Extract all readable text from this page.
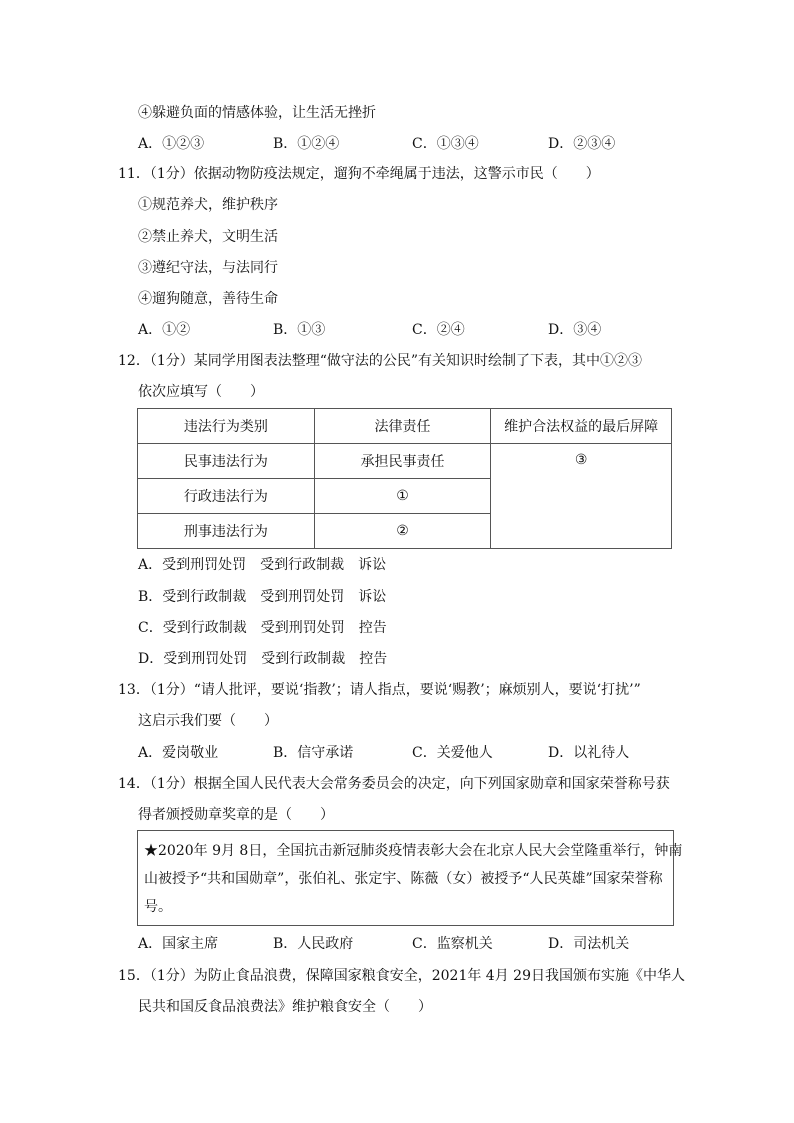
④躲避负面的情感体验，让生活无挫折
A．①②③	B．①②④	C．①③④	D．②③④
11．（1分）依据动物防疫法规定，遛狗不牵绳属于违法，这警示市民（　　）
①规范养犬，维护秩序
②禁止养犬，文明生活
③遵纪守法，与法同行
④遛狗随意，善待生命
A．①②	B．①③	C．②④	D．③④
12．（1分）某同学用图表法整理“做守法的公民”有关知识时绘制了下表，其中①②③
依次应填写（　　）
违法行为类别	法律责任	维护合法权益的最后屏障
民事违法行为	承担民事责任	③
行政违法行为	①	
刑事违法行为	②	
A．受到刑罚处罚　受到行政制裁　诉讼
B．受到行政制裁　受到刑罚处罚　诉讼
C．受到行政制裁　受到刑罚处罚　控告
D．受到刑罚处罚　受到行政制裁　控告
13．（1分）“请人批评，要说‘指教’；请人指点，要说‘赐教’；麻烦别人，要说‘打扰’”
这启示我们要（　　）
A．爱岗敬业	B．信守承诺	C．关爱他人	D．以礼待人
14．（1分）根据全国人民代表大会常务委员会的决定，向下列国家勋章和国家荣誉称号获
得者颁授勋章奖章的是（　　）

★2020年 9月 8日，全国抗击新冠肺炎疫情表彰大会在北京人民大会堂隆重举行，钟南

山被授予“共和国勋章”，张伯礼、张定宇、陈薇（女）被授予“人民英雄”国家荣誉称

号。

A．国家主席	B．人民政府	C．监察机关	D．司法机关
15．（1分）为防止食品浪费，保障国家粮食安全，2021年 4月 29日我国颁布实施《中华人
民共和国反食品浪费法》维护粮食安全（　　）
